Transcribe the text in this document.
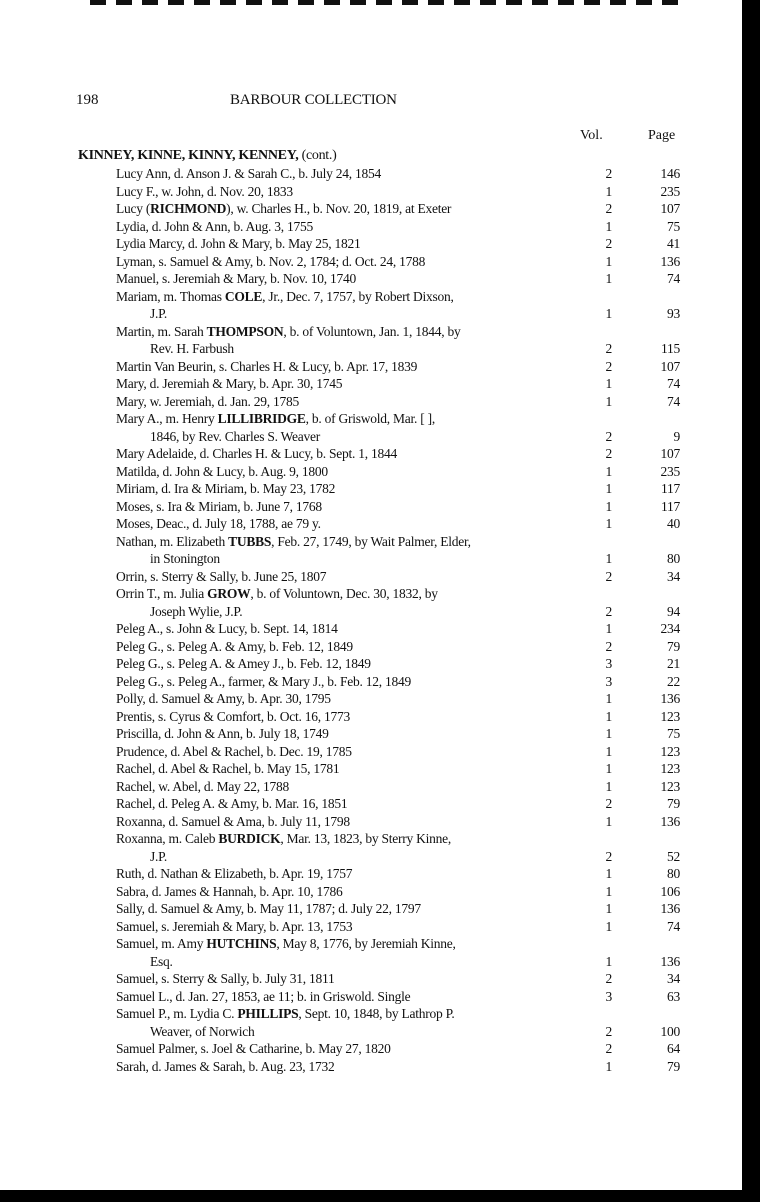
198	BARBOUR COLLECTION
Vol.	Page
KINNEY, KINNE, KINNY, KENNEY, (cont.)
Lucy Ann, d. Anson J. & Sarah C., b. July 24, 1854	2	146
Lucy F., w. John, d. Nov. 20, 1833	1	235
Lucy (RICHMOND), w. Charles H., b. Nov. 20, 1819, at Exeter	2	107
Lydia, d. John & Ann, b. Aug. 3, 1755	1	75
Lydia Marcy, d. John & Mary, b. May 25, 1821	2	41
Lyman, s. Samuel & Amy, b. Nov. 2, 1784; d. Oct. 24, 1788	1	136
Manuel, s. Jeremiah & Mary, b. Nov. 10, 1740	1	74
Mariam, m. Thomas COLE, Jr., Dec. 7, 1757, by Robert Dixson,
J.P.	1	93
Martin, m. Sarah THOMPSON, b. of Voluntown, Jan. 1, 1844, by
Rev. H. Farbush	2	115
Martin Van Beurin, s. Charles H. & Lucy, b. Apr. 17, 1839	2	107
Mary, d. Jeremiah & Mary, b. Apr. 30, 1745	1	74
Mary, w. Jeremiah, d. Jan. 29, 1785	1	74
Mary A., m. Henry LILLIBRIDGE, b. of Griswold, Mar. [ ],
1846, by Rev. Charles S. Weaver	2	9
Mary Adelaide, d. Charles H. & Lucy, b. Sept. 1, 1844	2	107
Matilda, d. John & Lucy, b. Aug. 9, 1800	1	235
Miriam, d. Ira & Miriam, b. May 23, 1782	1	117
Moses, s. Ira & Miriam, b. June 7, 1768	1	117
Moses, Deac., d. July 18, 1788, ae 79 y.	1	40
Nathan, m. Elizabeth TUBBS, Feb. 27, 1749, by Wait Palmer, Elder,
in Stonington	1	80
Orrin, s. Sterry & Sally, b. June 25, 1807	2	34
Orrin T., m. Julia GROW, b. of Voluntown, Dec. 30, 1832, by
Joseph Wylie, J.P.	2	94
Peleg A., s. John & Lucy, b. Sept. 14, 1814	1	234
Peleg G., s. Peleg A. & Amy, b. Feb. 12, 1849	2	79
Peleg G., s. Peleg A. & Amey J., b. Feb. 12, 1849	3	21
Peleg G., s. Peleg A., farmer, & Mary J., b. Feb. 12, 1849	3	22
Polly, d. Samuel & Amy, b. Apr. 30, 1795	1	136
Prentis, s. Cyrus & Comfort, b. Oct. 16, 1773	1	123
Priscilla, d. John & Ann, b. July 18, 1749	1	75
Prudence, d. Abel & Rachel, b. Dec. 19, 1785	1	123
Rachel, d. Abel & Rachel, b. May 15, 1781	1	123
Rachel, w. Abel, d. May 22, 1788	1	123
Rachel, d. Peleg A. & Amy, b. Mar. 16, 1851	2	79
Roxanna, d. Samuel & Ama, b. July 11, 1798	1	136
Roxanna, m. Caleb BURDICK, Mar. 13, 1823, by Sterry Kinne,
J.P.	2	52
Ruth, d. Nathan & Elizabeth, b. Apr. 19, 1757	1	80
Sabra, d. James & Hannah, b. Apr. 10, 1786	1	106
Sally, d. Samuel & Amy, b. May 11, 1787; d. July 22, 1797	1	136
Samuel, s. Jeremiah & Mary, b. Apr. 13, 1753	1	74
Samuel, m. Amy HUTCHINS, May 8, 1776, by Jeremiah Kinne,
Esq.	1	136
Samuel, s. Sterry & Sally, b. July 31, 1811	2	34
Samuel L., d. Jan. 27, 1853, ae 11; b. in Griswold. Single	3	63
Samuel P., m. Lydia C. PHILLIPS, Sept. 10, 1848, by Lathrop P.
Weaver, of Norwich	2	100
Samuel Palmer, s. Joel & Catharine, b. May 27, 1820	2	64
Sarah, d. James & Sarah, b. Aug. 23, 1732	1	79
